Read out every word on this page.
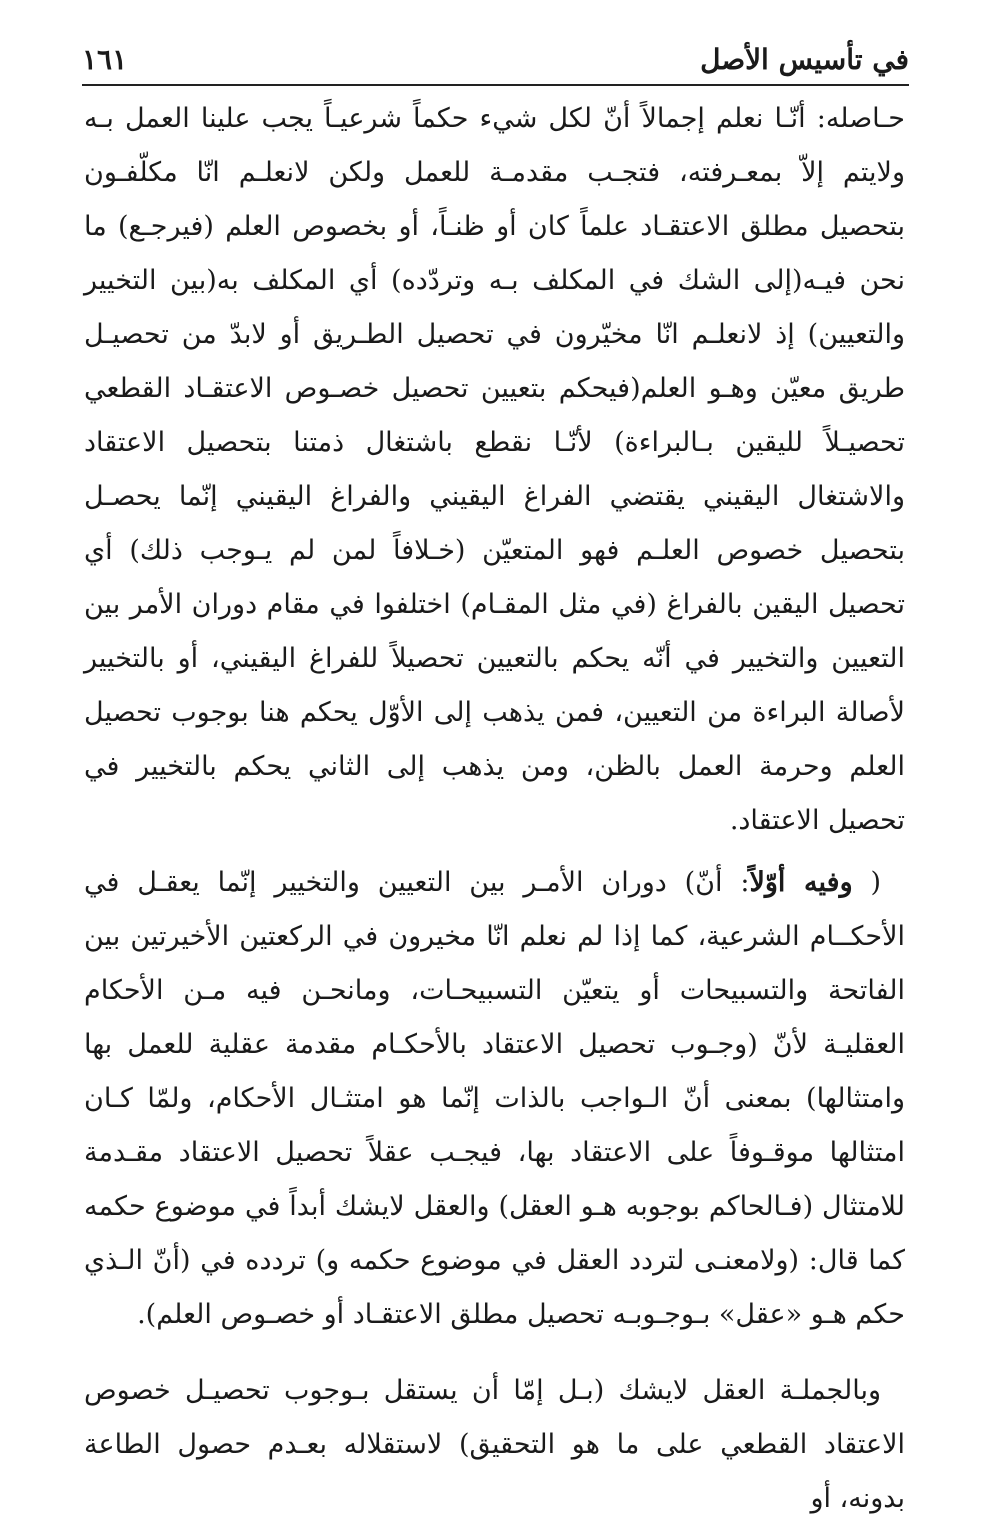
في تأسيس الأصل
١٦١

حـاصله: أنّـا نعلم إجمالاً أنّ لكل شيء حكماً شرعيـاً يجب علينا العمل بـه ولايتم إلاّ بمعـرفته، فتجـب مقدمـة للعمل ولكن لانعلـم انّا مكلّفـون بتحصيل مطلق الاعتقـاد علماً كان أو ظنـاً، أو بخصوص العلم (فيرجـع) ما نحن فيـه(إلى الشك في المكلف بـه وتردّده) أي المكلف به(بين التخيير والتعيين) إذ لانعلـم انّا مخيّرون في تحصيل الطـريق أو لابدّ من تحصيـل طريق معيّن وهـو العلم(فيحكم بتعيين تحصيل خصـوص الاعتقـاد القطعي تحصيـلاً لليقين بـالبراءة) لأنّـا نقطع باشتغال ذمتنا بتحصيل الاعتقاد والاشتغال اليقيني يقتضي الفراغ اليقيني والفراغ اليقيني إنّما يحصـل بتحصيل خصوص العلـم فهو المتعيّن (خـلافاً لمن لم يـوجب ذلك) أي تحصيل اليقين بالفراغ (في مثل المقـام) اختلفوا في مقام دوران الأمر بين التعيين والتخيير في أنّه يحكم بالتعيين تحصيلاً للفراغ اليقيني، أو بالتخيير لأصالة البراءة من التعيين، فمن يذهب إلى الأوّل يحكم هنا بوجوب تحصيل العلم وحرمة العمل بالظن، ومن يذهب إلى الثاني يحكم بالتخيير في تحصيل الاعتقاد.

( وفيه أوّلاً: أنّ) دوران الأمـر بين التعيين والتخيير إنّما يعقـل في الأحكــام الشرعية، كما إذا لم نعلم انّا مخيرون في الركعتين الأخيرتين بين الفاتحة والتسبيحات أو يتعيّن التسبيحـات، ومانحـن فيه مـن الأحكام العقليـة لأنّ (وجـوب تحصيل الاعتقاد بالأحكـام مقدمة عقلية للعمل بها وامتثالها) بمعنى أنّ الـواجب بالذات إنّما هو امتثـال الأحكام، ولمّا كـان امتثالها موقـوفاً على الاعتقاد بها، فيجـب عقلاً تحصيل الاعتقاد مقـدمة للامتثال (فـالحاكم بوجوبه هـو العقل) والعقل لايشك أبداً في موضوع حكمه كما قال: (ولامعنـى لتردد العقل في موضوع حكمه و) تردده في (أنّ الـذي حكم هـو «عقل» بـوجـوبـه تحصيل مطلق الاعتقـاد أو خصـوص العلم).

وبالجملـة العقل لايشك (بـل إمّا أن يستقل بـوجوب تحصيـل خصوص الاعتقاد القطعي على ما هو التحقيق) لاستقلاله بعـدم حصول الطاعة بدونه، أو
